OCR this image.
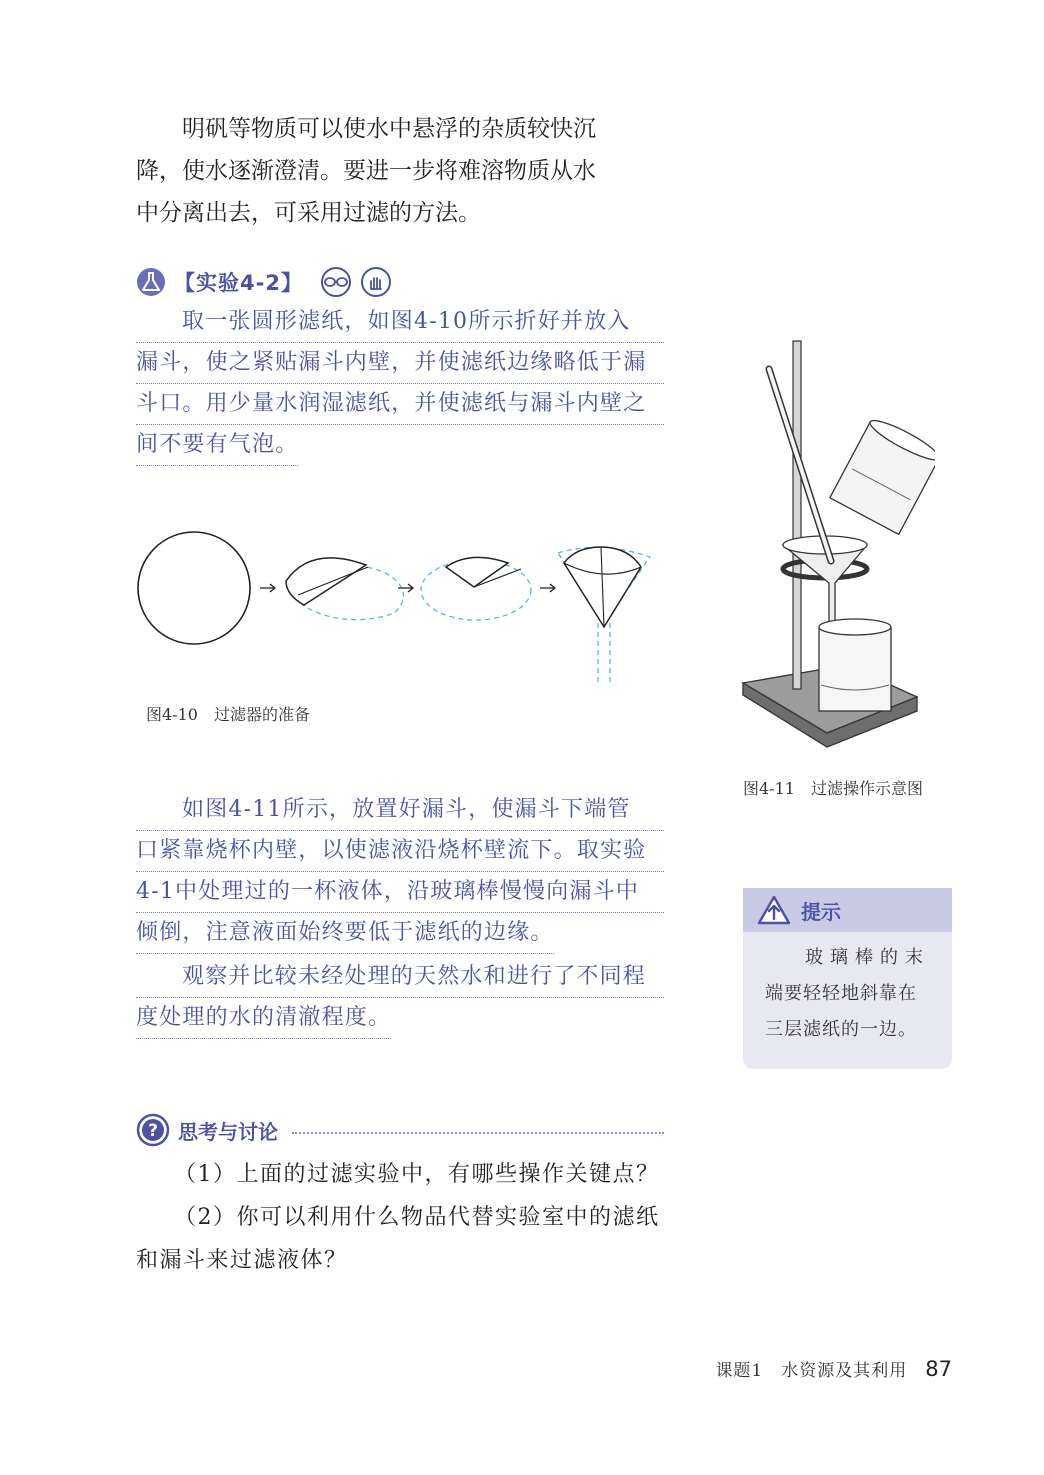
明矾等物质可以使水中悬浮的杂质较快沉
降，使水逐渐澄清。要进一步将难溶物质从水
中分离出去，可采用过滤的方法。
【实验4-2】
取一张圆形滤纸，如图4-10所示折好并放入
漏斗，使之紧贴漏斗内壁，并使滤纸边缘略低于漏
斗口。用少量水润湿滤纸，并使滤纸与漏斗内壁之
间不要有气泡。
图4-10　过滤器的准备
图4-11　过滤操作示意图
如图4-11所示，放置好漏斗，使漏斗下端管
口紧靠烧杯内壁，以使滤液沿烧杯壁流下。取实验
4-1中处理过的一杯液体，沿玻璃棒慢慢向漏斗中
倾倒，注意液面始终要低于滤纸的边缘。
观察并比较未经处理的天然水和进行了不同程
度处理的水的清澈程度。
提示
玻璃棒的末
端要轻轻地斜靠在
三层滤纸的一边。
? 思考与讨论
（1）上面的过滤实验中，有哪些操作关键点？
（2）你可以利用什么物品代替实验室中的滤纸
和漏斗来过滤液体？
课题1　水资源及其利用 87
